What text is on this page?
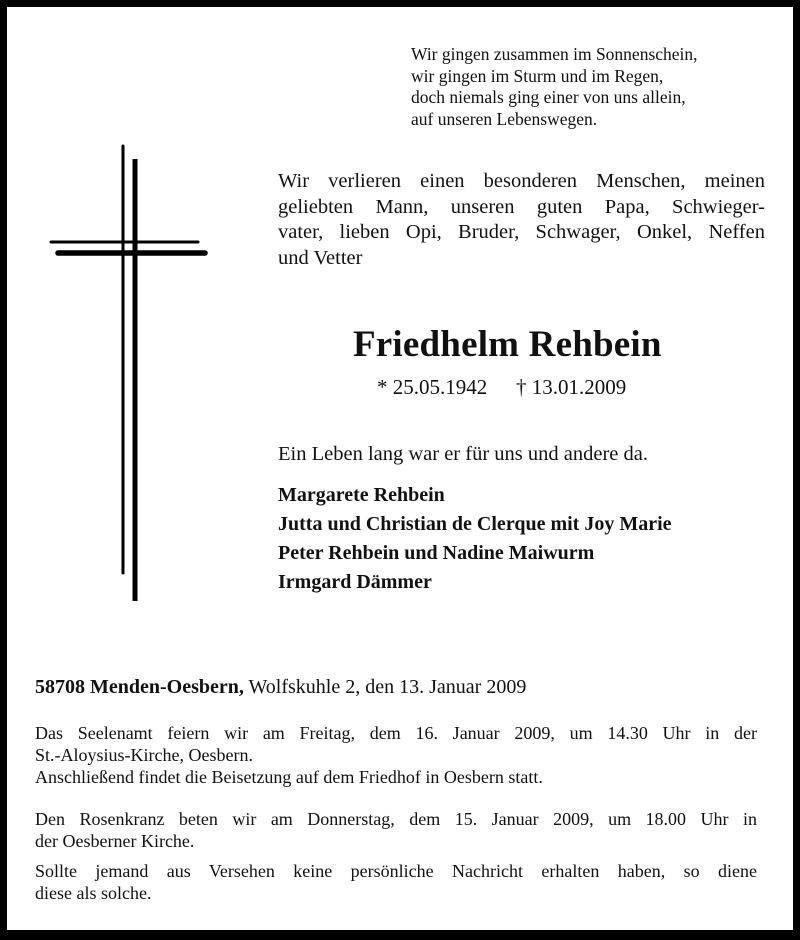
Wir gingen zusammen im Sonnenschein,
wir gingen im Sturm und im Regen,
doch niemals ging einer von uns allein,
auf unseren Lebenswegen.
Wir verlieren einen besonderen Menschen, meinen
geliebten Mann, unseren guten Papa, Schwieger-
vater, lieben Opi, Bruder, Schwager, Onkel, Neffen
und Vetter
Friedhelm Rehbein
* 25.05.1942 † 13.01.2009
Ein Leben lang war er für uns und andere da.
Margarete Rehbein
Jutta und Christian de Clerque mit Joy Marie
Peter Rehbein und Nadine Maiwurm
Irmgard Dämmer
58708 Menden-Oesbern, Wolfskuhle 2, den 13. Januar 2009
Das Seelenamt feiern wir am Freitag, dem 16. Januar 2009, um 14.30 Uhr in der
St.-Aloysius-Kirche, Oesbern.
Anschließend findet die Beisetzung auf dem Friedhof in Oesbern statt.
Den Rosenkranz beten wir am Donnerstag, dem 15. Januar 2009, um 18.00 Uhr in
der Oesberner Kirche.
Sollte jemand aus Versehen keine persönliche Nachricht erhalten haben, so diene
diese als solche.
